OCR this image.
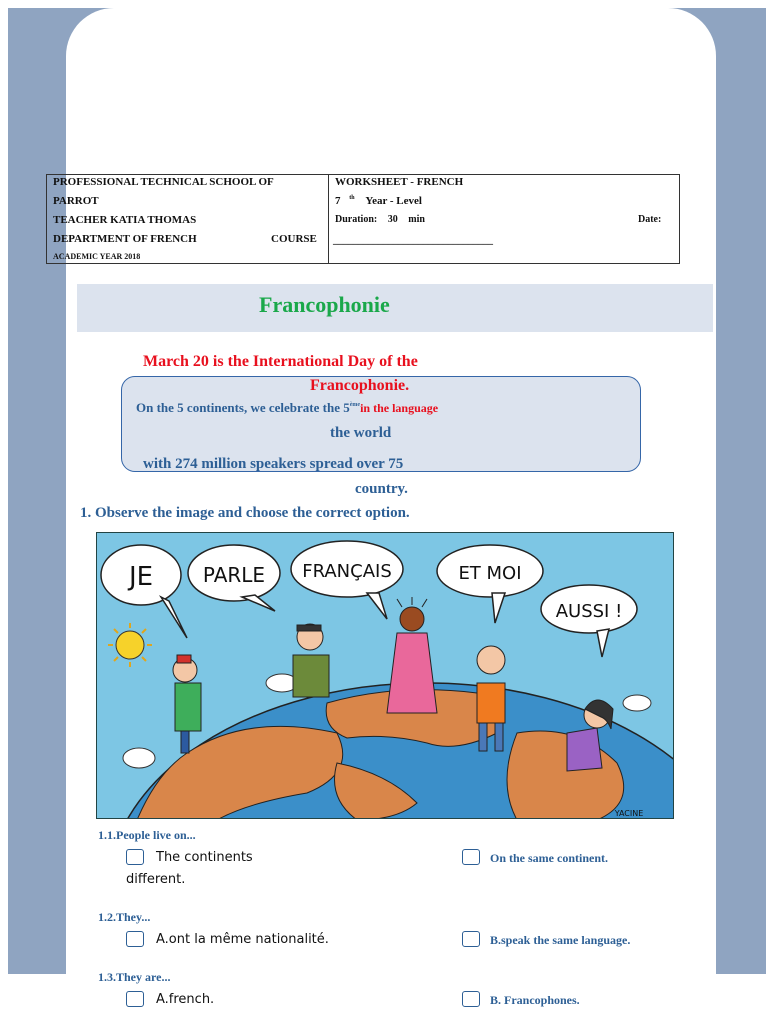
PROFESSIONAL TECHNICAL SCHOOL OF
PARROT
TEACHER KATIA THOMAS
DEPARTMENT OF FRENCH	COURSE
ACADEMIC YEAR 2018
WORKSHEET - FRENCH
7 $^{th}$ Year - Level
Duration: 30 min	Date:
________________________________
Francophonie
March 20 is the International Day of the
Francophonie.
On the 5 continents, we celebrate the 5èmein the language
the world
with 274 million speakers spread over 75
country.
1. Observe the image and choose the correct option.
JE PARLE FRANÇAIS	ET MOI
AUSSI !
YACINE
1.1.People live on...
The continents
different.
On the same continent.
1.2.They...
A.ont la même nationalité.	B.speak the same language.
1.3.They are...
A.french.	B. Francophones.
